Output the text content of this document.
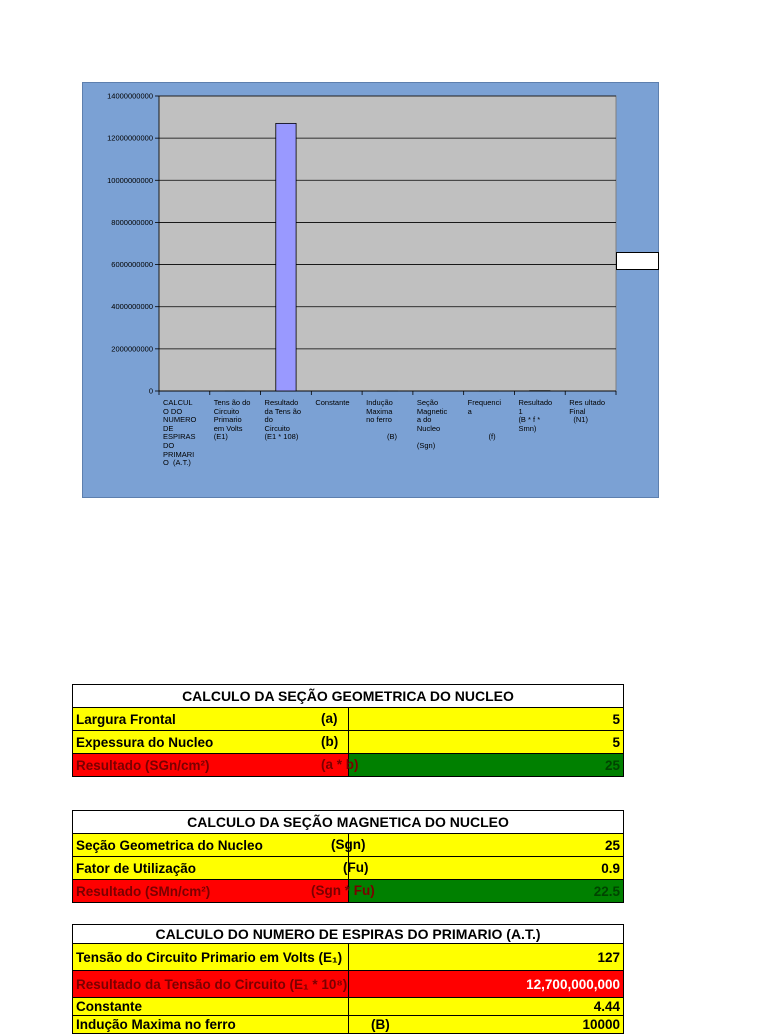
0
2000000000
4000000000
6000000000
8000000000
10000000000
12000000000
14000000000
CALCUL
O DO
NUMERO
DE
ESPIRAS
DO
PRIMARI
O  (A.T.)
Tens ão do
Circuito
Primario
em Volts
(E1)
Resultado
da Tens ão
do
Circuito
(E1 * 108)
Constante	Indução
Maxima
no ferro

(B)
Seção
Magnetic
a do
Nucleo

(Sgn)
Frequenci
a

(f)
Resultado
1
(B * f *
Smn)
Res ultado
Final
(N1)
CALCULO DA SEÇÃO GEOMETRICA DO NUCLEO	
Largura Frontal (a)	5
Expessura do Nucleo (b)	5
Resultado (SGn/cm²) (a * b)	25
CALCULO DA SEÇÃO MAGNETICA DO NUCLEO	
Seção Geometrica do Nucleo (Sgn)	25
Fator de Utilização (Fu)	0.9
Resultado (SMn/cm²) (Sgn * Fu)	22.5
CALCULO DO NUMERO DE ESPIRAS DO PRIMARIO (A.T.)	
Tensão do Circuito Primario em Volts (E₁)	127
Resultado da Tensão do Circuito (E₁ * 10⁸)	12,700,000,000
Constante	4.44
Indução Maxima no ferro (B)	10000
